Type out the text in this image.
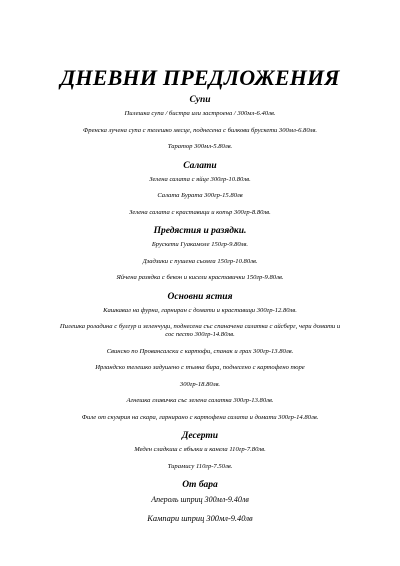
ДНЕВНИ ПРЕДЛОЖЕНИЯ
Супи
Пилешка супа / бистра или застроена / 300мл-6.40лв.
Френска лучена супа с телешко месце, поднесена с билкови брускети 300мл-6.80лв.
Таратор 300мл-5.80лв.
Салати
Зелена салата с яйце 300гр-10.80лв.
Салата Бурата 300гр-15.80лв
Зелена салата с краставици и копър 300гр-8.80лв.
Предястия и разядки.
Брускети Гуакамоле 150гр-9.80лв.
Дзадзики с пушена сьомга 150гр-10.80лв.
Яйчена разядка с бекон и кисели краставички 150гр-9.80лв.
Основни ястия
Кашкавал на фурна, гарниран с домати и краставици 300гр-12.80лв.
Пилешка роладина с булгур и зеленчуци, поднесена със спаначена салатка с айсберг, чери домати и сос песто 300гр-14.80лв.
Свинско по Провансалски с картофи, спанак и грах 300гр-13.80лв.
Ирландско телешко задушено с тъмна бира, поднесено с картофено пюре
300гр-18.80лв.
Агнешка главичка със зелена салатка 300гр-13.80лв.
Филе от скумрия на скара, гарнирано с картофена салата и домати 300гр-14.80лв.
Десерти
Меден сладкиш с ябълки и канела 110гр-7.80лв.
Тирамису 110гр-7.50лв.
От бара
Апероль шприц 300мл-9.40лв
Кампари шприц 300мл-9.40лв
